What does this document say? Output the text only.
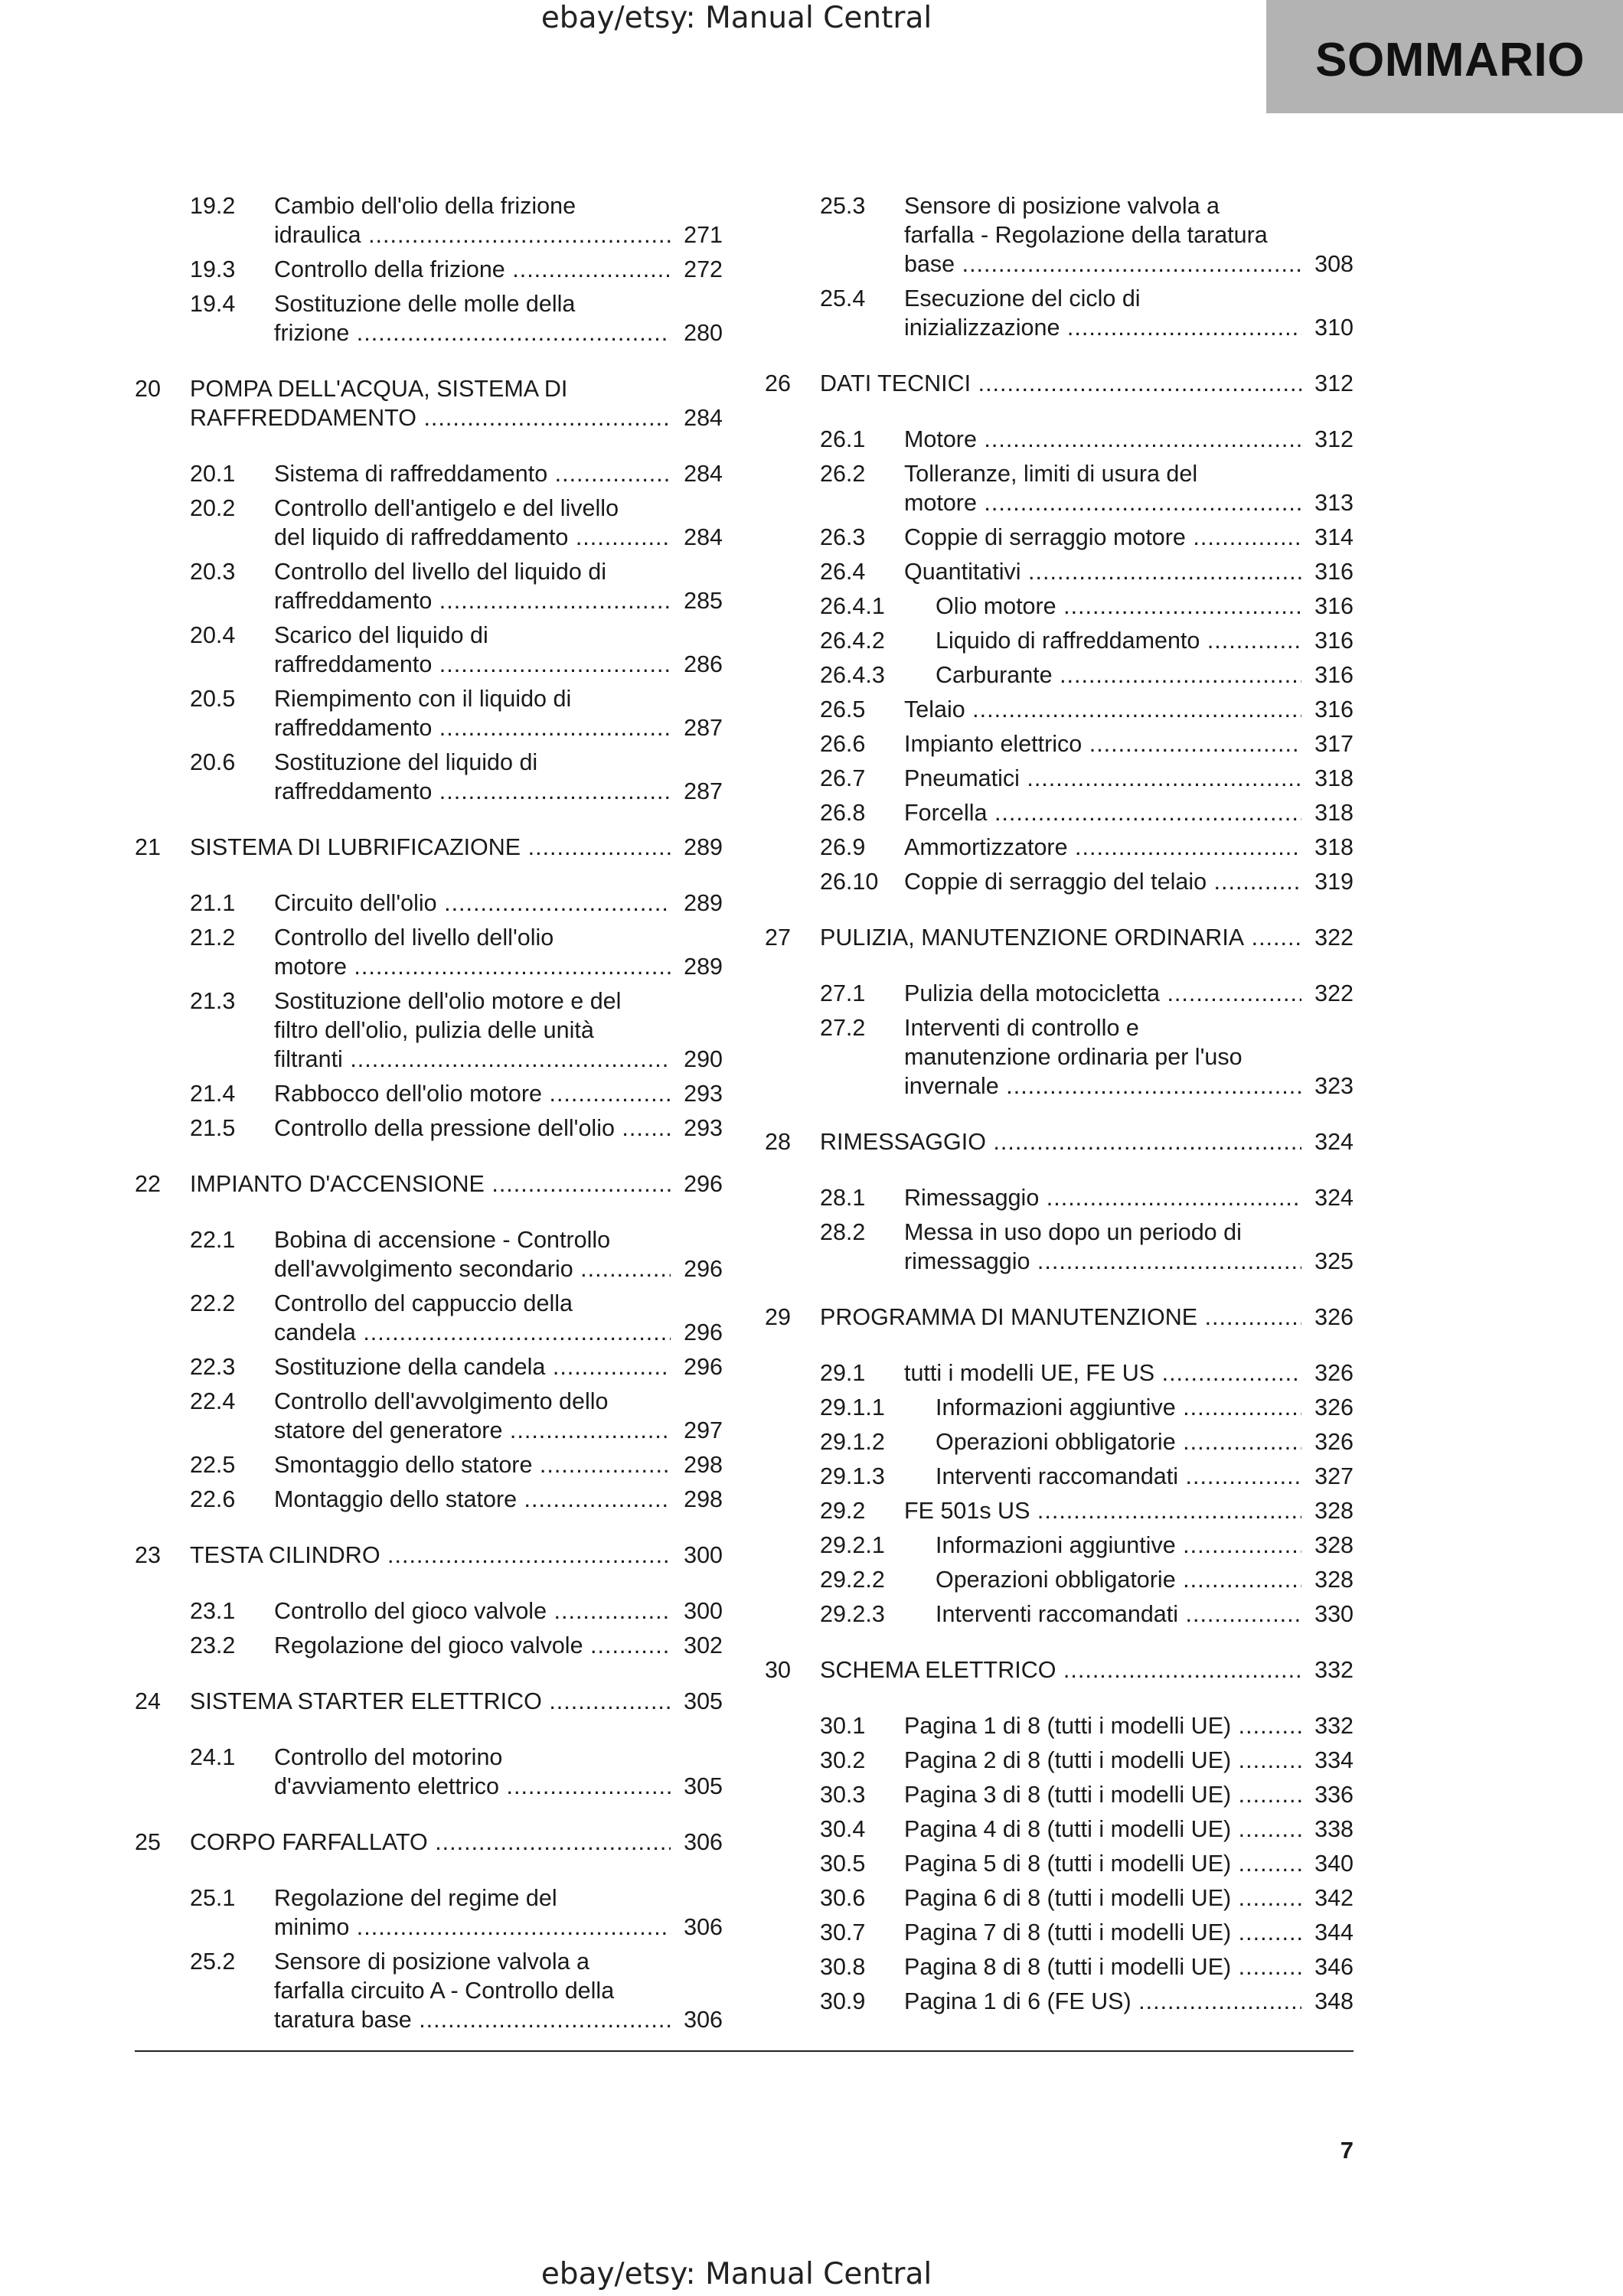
ebay/etsy: Manual Central
SOMMARIO
19.2 Cambio dell'olio della frizione
idraulica .....	271
19.3 Controllo della frizione .....	272
19.4 Sostituzione delle molle della
frizione .....	280
20 POMPA DELL'ACQUA, SISTEMA DI
RAFFREDDAMENTO .....	284
20.1 Sistema di raffreddamento .....	284
20.2 Controllo dell'antigelo e del livello
del liquido di raffreddamento .....	284
20.3 Controllo del livello del liquido di
raffreddamento .....	285
20.4 Scarico del liquido di
raffreddamento .....	286
20.5 Riempimento con il liquido di
raffreddamento .....	287
20.6 Sostituzione del liquido di
raffreddamento .....	287
21 SISTEMA DI LUBRIFICAZIONE .....	289
21.1 Circuito dell'olio .....	289
21.2 Controllo del livello dell'olio
motore .....	289
21.3 Sostituzione dell'olio motore e del
filtro dell'olio, pulizia delle unità
filtranti .....	290
21.4 Rabbocco dell'olio motore .....	293
21.5 Controllo della pressione dell'olio .....	293
22 IMPIANTO D'ACCENSIONE .....	296
22.1 Bobina di accensione - Controllo
dell'avvolgimento secondario .....	296
22.2 Controllo del cappuccio della
candela .....	296
22.3 Sostituzione della candela .....	296
22.4 Controllo dell'avvolgimento dello
statore del generatore .....	297
22.5 Smontaggio dello statore .....	298
22.6 Montaggio dello statore .....	298
23 TESTA CILINDRO .....	300
23.1 Controllo del gioco valvole .....	300
23.2 Regolazione del gioco valvole .....	302
24 SISTEMA STARTER ELETTRICO .....	305
24.1 Controllo del motorino
d'avviamento elettrico .....	305
25 CORPO FARFALLATO .....	306
25.1 Regolazione del regime del
minimo .....	306
25.2 Sensore di posizione valvola a
farfalla circuito A - Controllo della
taratura base .....	306
25.3 Sensore di posizione valvola a
farfalla - Regolazione della taratura
base .....	308
25.4 Esecuzione del ciclo di
inizializzazione .....	310
26 DATI TECNICI .....	312
26.1 Motore .....	312
26.2 Tolleranze, limiti di usura del
motore .....	313
26.3 Coppie di serraggio motore .....	314
26.4 Quantitativi .....	316
26.4.1 Olio motore .....	316
26.4.2 Liquido di raffreddamento .....	316
26.4.3 Carburante .....	316
26.5 Telaio .....	316
26.6 Impianto elettrico .....	317
26.7 Pneumatici .....	318
26.8 Forcella .....	318
26.9 Ammortizzatore .....	318
26.10 Coppie di serraggio del telaio .....	319
27 PULIZIA, MANUTENZIONE ORDINARIA .....	322
27.1 Pulizia della motocicletta .....	322
27.2 Interventi di controllo e
manutenzione ordinaria per l'uso
invernale .....	323
28 RIMESSAGGIO .....	324
28.1 Rimessaggio .....	324
28.2 Messa in uso dopo un periodo di
rimessaggio .....	325
29 PROGRAMMA DI MANUTENZIONE .....	326
29.1 tutti i modelli UE, FE US .....	326
29.1.1 Informazioni aggiuntive .....	326
29.1.2 Operazioni obbligatorie .....	326
29.1.3 Interventi raccomandati .....	327
29.2 FE 501s US .....	328
29.2.1 Informazioni aggiuntive .....	328
29.2.2 Operazioni obbligatorie .....	328
29.2.3 Interventi raccomandati .....	330
30 SCHEMA ELETTRICO .....	332
30.1 Pagina 1 di 8 (tutti i modelli UE) .....	332
30.2 Pagina 2 di 8 (tutti i modelli UE) .....	334
30.3 Pagina 3 di 8 (tutti i modelli UE) .....	336
30.4 Pagina 4 di 8 (tutti i modelli UE) .....	338
30.5 Pagina 5 di 8 (tutti i modelli UE) .....	340
30.6 Pagina 6 di 8 (tutti i modelli UE) .....	342
30.7 Pagina 7 di 8 (tutti i modelli UE) .....	344
30.8 Pagina 8 di 8 (tutti i modelli UE) .....	346
30.9 Pagina 1 di 6 (FE US) .....	348
7
ebay/etsy: Manual Central
